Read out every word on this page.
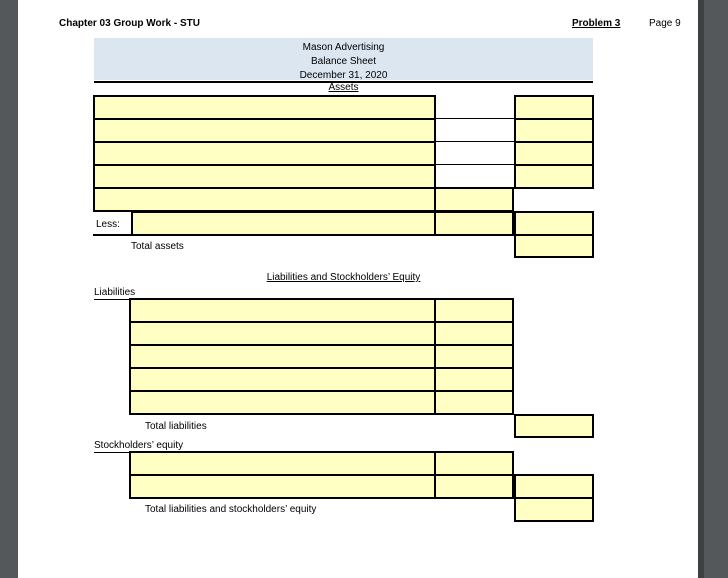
Chapter 03 Group Work - STU	Problem 3	Page 9
Mason Advertising
Balance Sheet
December 31, 2020
Assets
Less:
Total assets
Liabilities and Stockholders’ Equity
Liabilities
Total liabilities
Stockholders’ equity
Total liabilities and stockholders’ equity
